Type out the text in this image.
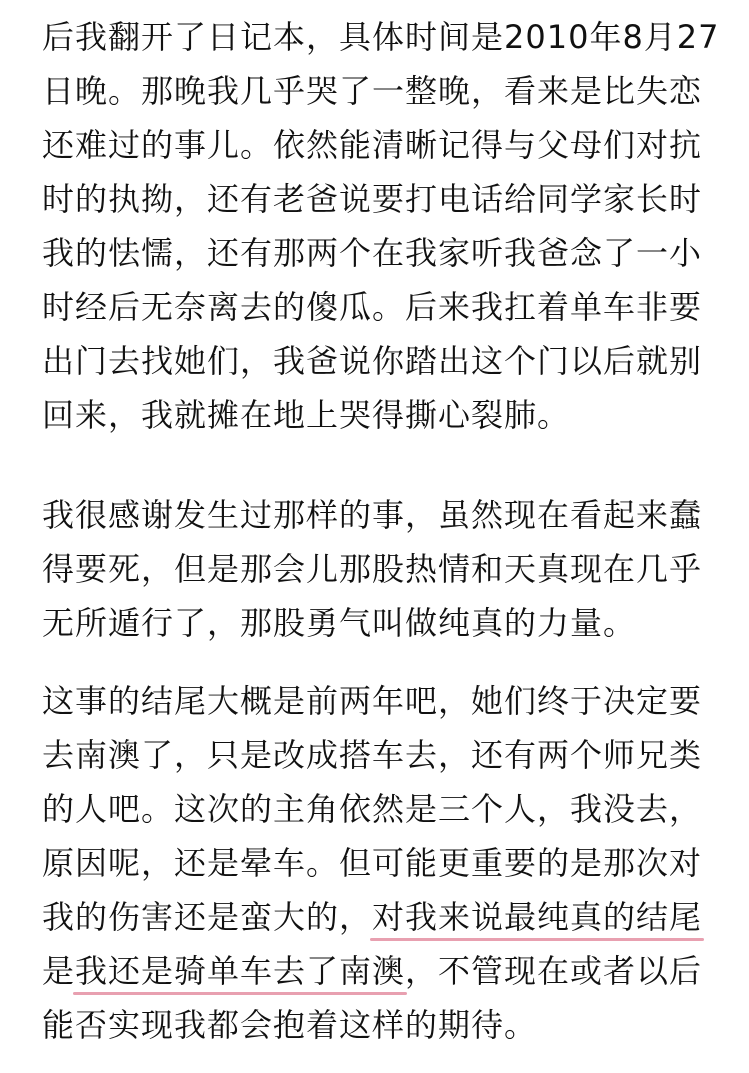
后我翻开了日记本，具体时间是2010年8月27
日晚。那晚我几乎哭了一整晚，看来是比失恋
还难过的事儿。依然能清晰记得与父母们对抗
时的执拗，还有老爸说要打电话给同学家长时
我的怯懦，还有那两个在我家听我爸念了一小
时经后无奈离去的傻瓜。后来我扛着单车非要
出门去找她们，我爸说你踏出这个门以后就别
回来，我就摊在地上哭得撕心裂肺。

我很感谢发生过那样的事，虽然现在看起来蠢
得要死，但是那会儿那股热情和天真现在几乎
无所遁行了，那股勇气叫做纯真的力量。

这事的结尾大概是前两年吧，她们终于决定要
去南澳了，只是改成搭车去，还有两个师兄类
的人吧。这次的主角依然是三个人，我没去，
原因呢，还是晕车。但可能更重要的是那次对
我的伤害还是蛮大的，对我来说最纯真的结尾
是我还是骑单车去了南澳，不管现在或者以后
能否实现我都会抱着这样的期待。
